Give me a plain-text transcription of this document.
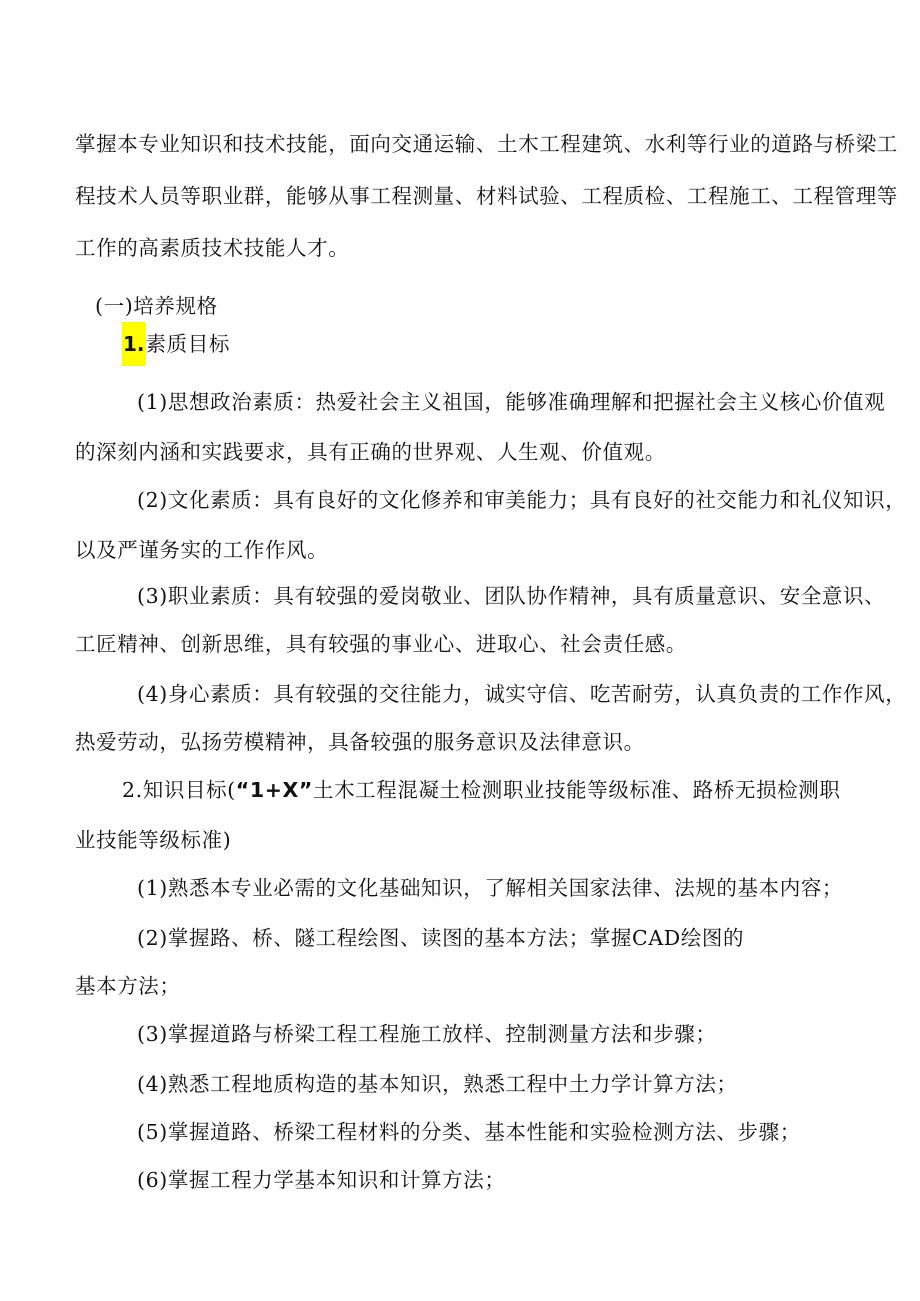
掌握本专业知识和技术技能，面向交通运输、土木工程建筑、水利等行业的道路与桥梁工
程技术人员等职业群，能够从事工程测量、材料试验、工程质检、工程施工、工程管理等
工作的高素质技术技能人才。
(一)培养规格
1.素质目标
(1)思想政治素质：热爱社会主义祖国，能够准确理解和把握社会主义核心价值观
的深刻内涵和实践要求，具有正确的世界观、人生观、价值观。
(2)文化素质：具有良好的文化修养和审美能力；具有良好的社交能力和礼仪知识，
以及严谨务实的工作作风。
(3)职业素质：具有较强的爱岗敬业、团队协作精神，具有质量意识、安全意识、
工匠精神、创新思维，具有较强的事业心、进取心、社会责任感。
(4)身心素质：具有较强的交往能力，诚实守信、吃苦耐劳，认真负责的工作作风，
热爱劳动，弘扬劳模精神，具备较强的服务意识及法律意识。
2.知识目标(“1+X”土木工程混凝土检测职业技能等级标准、路桥无损检测职
业技能等级标准)
(1)熟悉本专业必需的文化基础知识，了解相关国家法律、法规的基本内容；
(2)掌握路、桥、隧工程绘图、读图的基本方法；掌握CAD绘图的
基本方法；
(3)掌握道路与桥梁工程工程施工放样、控制测量方法和步骤；
(4)熟悉工程地质构造的基本知识，熟悉工程中土力学计算方法；
(5)掌握道路、桥梁工程材料的分类、基本性能和实验检测方法、步骤；
(6)掌握工程力学基本知识和计算方法；
